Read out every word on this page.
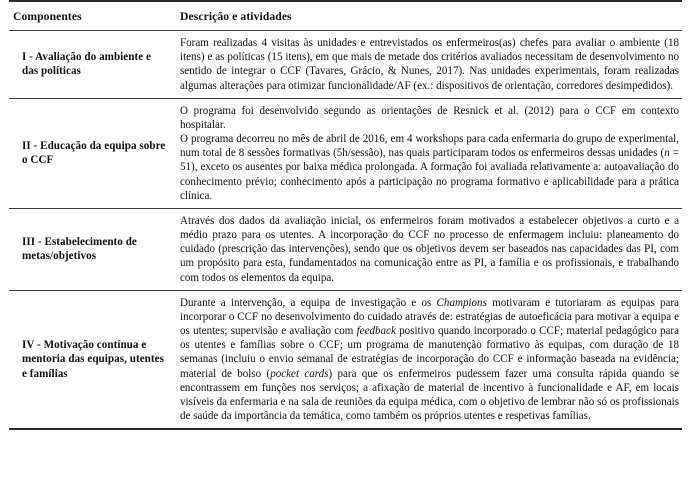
Componentes	Descrição e atividades
I - Avaliação do ambiente e das políticas	Foram realizadas 4 visitas às unidades e entrevistados os enfermeiros(as) chefes para avaliar o ambiente (18 itens) e as políticas (15 itens), em que mais de metade dos critérios avaliados necessitam de desenvolvimento no sentido de integrar o CCF (Tavares, Grácio, & Nunes, 2017). Nas unidades experimentais, foram realizadas algumas alterações para otimizar funcionalidade/AF (ex.: dispositivos de orientação, corredores desimpedidos).

II - Educação da equipa sobre o CCF	O programa foi desenvolvido segundo as orientações de Resnick et al. (2012) para o CCF em contexto hospitalar.

O programa decorreu no mês de abril de 2016, em 4 workshops para cada enfermaria do grupo de experimental, num total de 8 sessões formativas (5h/sessão), nas quais participaram todos os enfermeiros dessas unidades (n = 51), exceto os ausentes por baixa médica prolongada. A formação foi avaliada relativamente a: autoavaliação do conhecimento prévio; conhecimento após a participação no programa formativo e aplicabilidade para a prática clínica.

III - Estabelecimento de metas/objetivos	Através dos dados da avaliação inicial, os enfermeiros foram motivados a estabelecer objetivos a curto e a médio prazo para os utentes. A incorporação do CCF no processo de enfermagem incluiu: planeamento do cuidado (prescrição das intervenções), sendo que os objetivos devem ser baseados nas capacidades das PI, com um propósito para esta, fundamentados na comunicação entre as PI, a família e os profissionais, e trabalhando com todos os elementos da equipa.

IV - Motivação contínua e mentoria das equipas, utentes e famílias	Durante a intervenção, a equipa de investigação e os Champions motivaram e tutoriaram as equipas para incorporar o CCF no desenvolvimento do cuidado através de: estratégias de autoeficácia para motivar a equipa e os utentes; supervisão e avaliação com feedback positivo quando incorporado o CCF; material pedagógico para os utentes e famílias sobre o CCF; um programa de manutenção formativo às equipas, com duração de 18 semanas (incluiu o envio semanal de estratégias de incorporação do CCF e informação baseada na evidência; material de bolso (pocket cards) para que os enfermeiros pudessem fazer uma consulta rápida quando se encontrassem em funções nos serviços; a afixação de material de incentivo à funcionalidade e AF, em locais visíveis da enfermaria e na sala de reuniões da equipa médica, com o objetivo de lembrar não só os profissionais de saúde da importância da temática, como também os próprios utentes e respetivas famílias.
